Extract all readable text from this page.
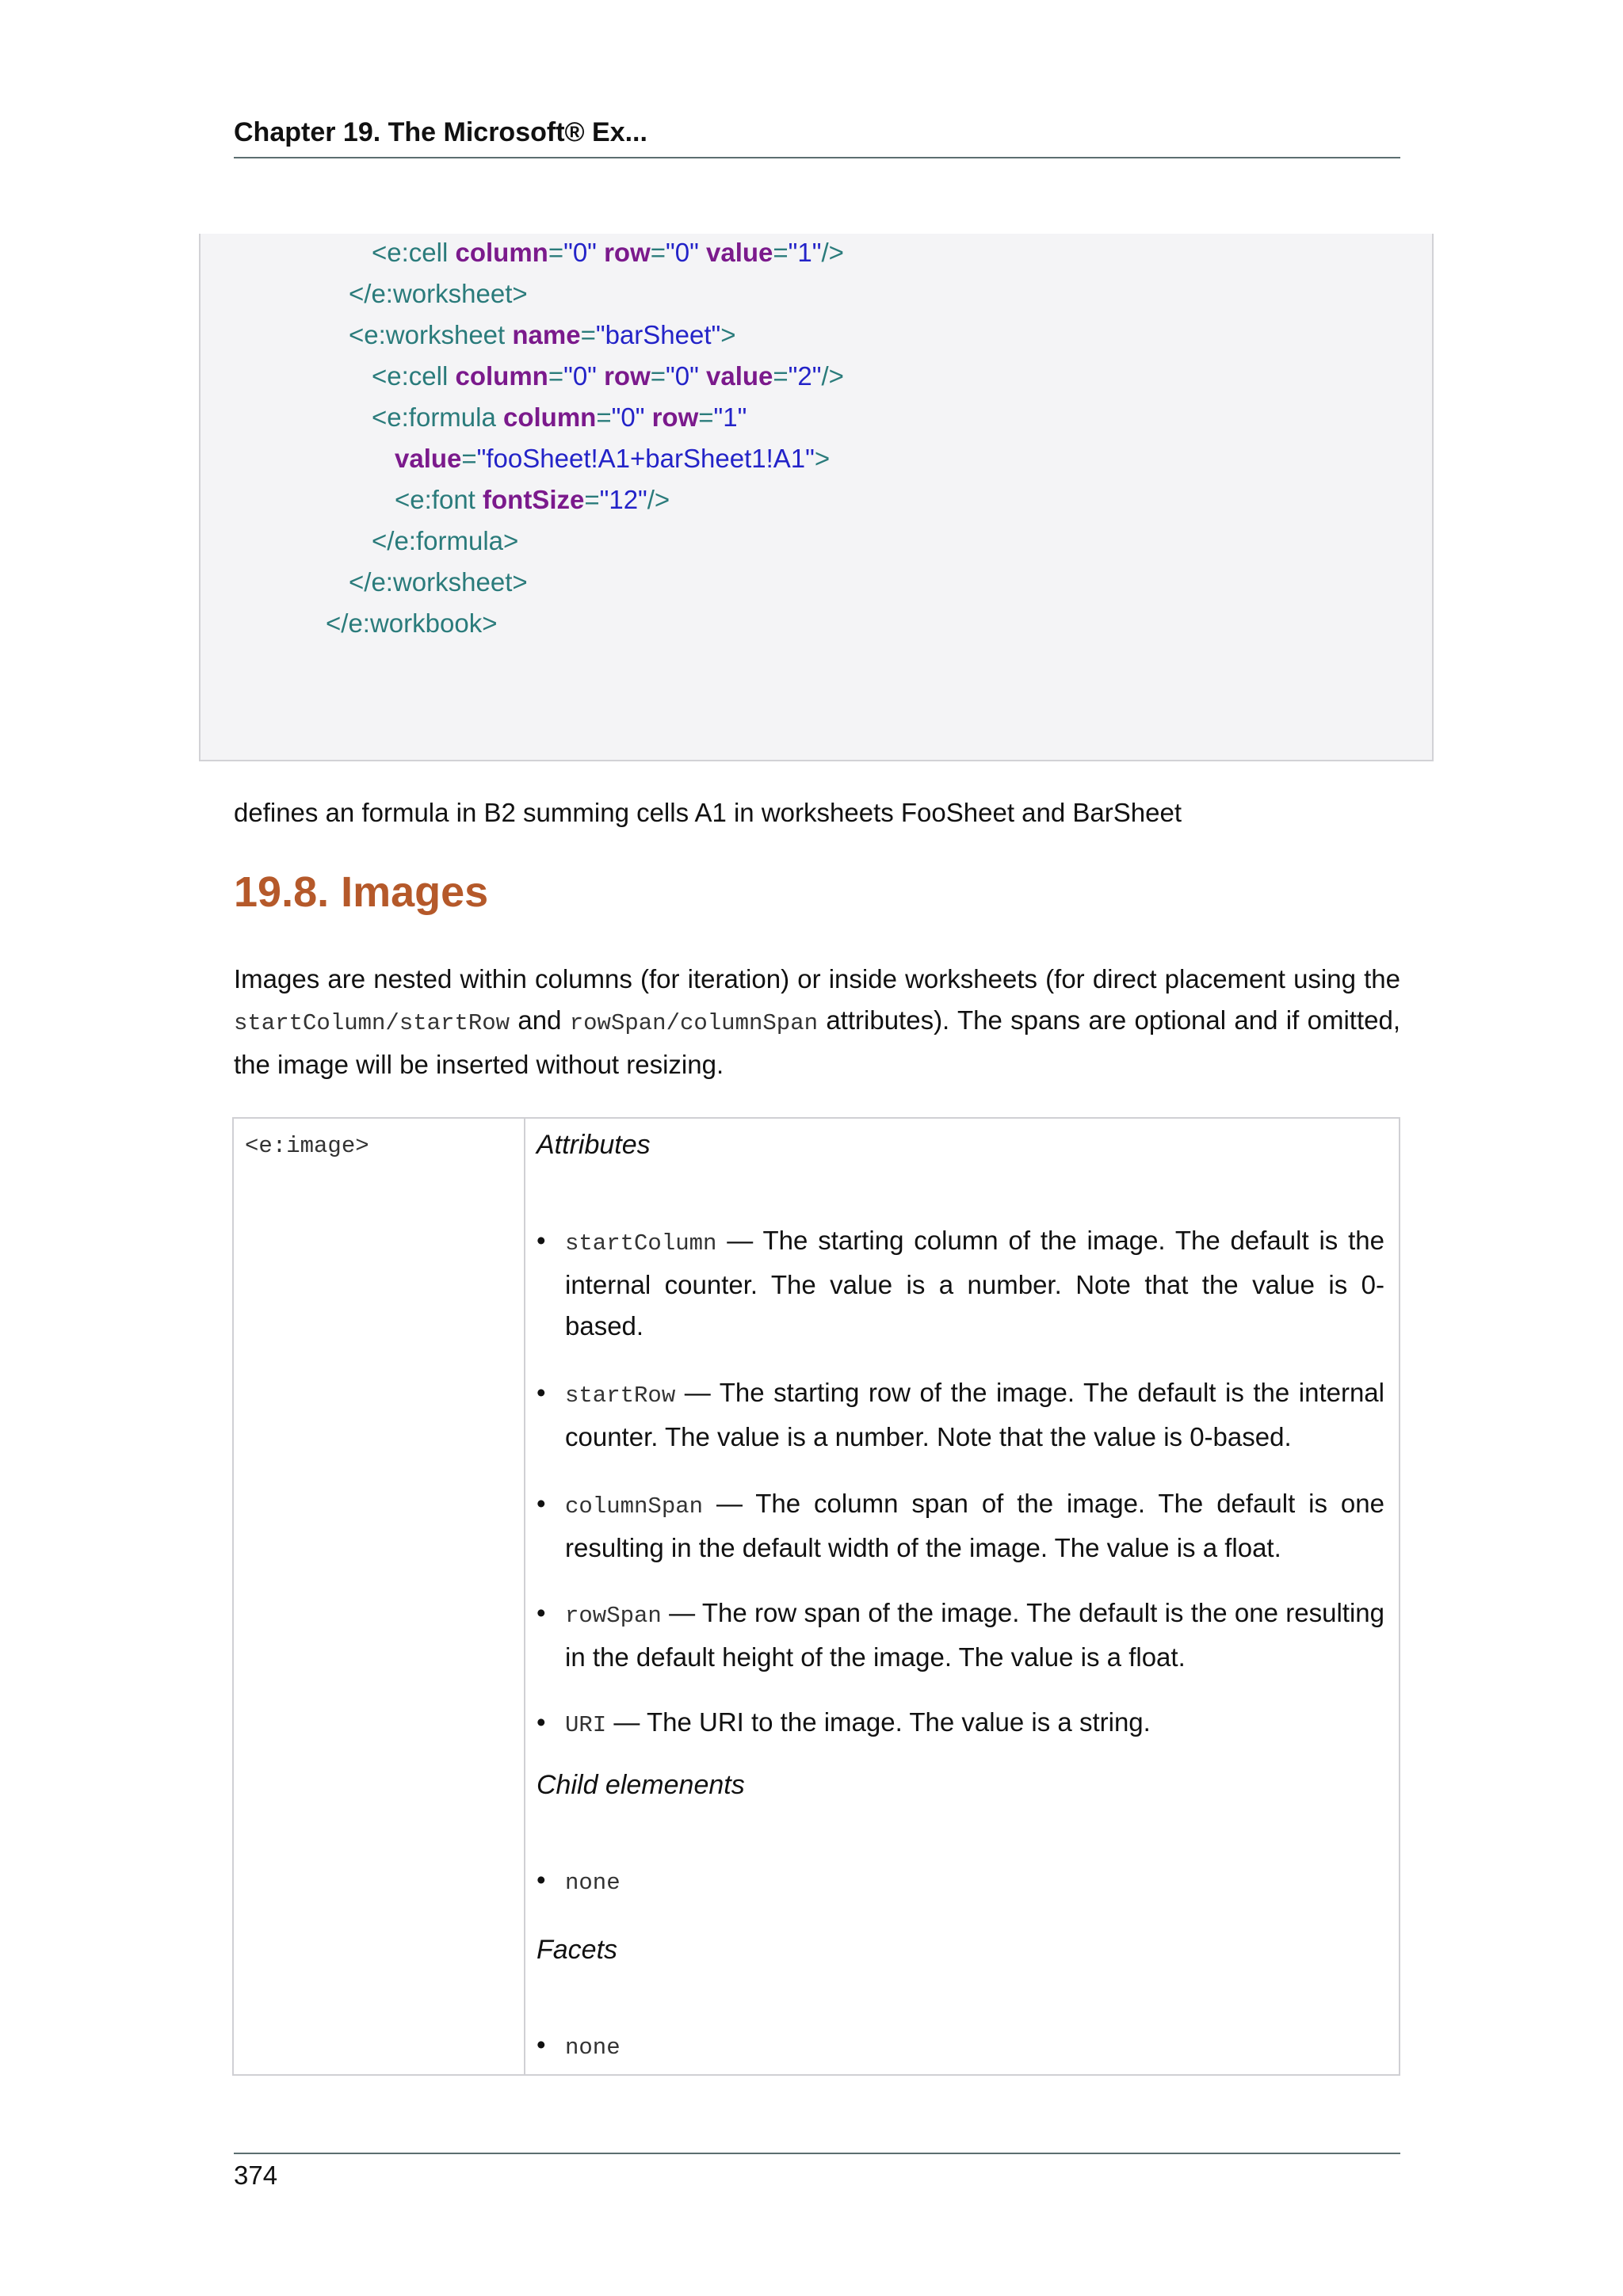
Chapter 19. The Microsoft® Ex...
<e:cell column="0" row="0" value="1"/>
</e:worksheet>
<e:worksheet name="barSheet">
<e:cell column="0" row="0" value="2"/>
<e:formula column="0" row="1"
value="fooSheet!A1+barSheet1!A1">
<e:font fontSize="12"/>
</e:formula>
</e:worksheet>
</e:workbook>
defines an formula in B2 summing cells A1 in worksheets FooSheet and BarSheet
19.8. Images
Images are nested within columns (for iteration) or inside worksheets (for direct placement using the startColumn/startRow and rowSpan/columnSpan attributes). The spans are optional and if omitted, the image will be inserted without resizing.
<e:image>	Attributes
• startColumn — The starting column of the image. The default is the internal counter. The value is a number. Note that the value is 0-based.
• startRow — The starting row of the image. The default is the internal counter. The value is a number. Note that the value is 0-based.
• columnSpan — The column span of the image. The default is one resulting in the default width of the image. The value is a float.
• rowSpan — The row span of the image. The default is the one resulting in the default height of the image. The value is a float.
• URI — The URI to the image. The value is a string.
Child elemenents
• none
Facets
• none
374
